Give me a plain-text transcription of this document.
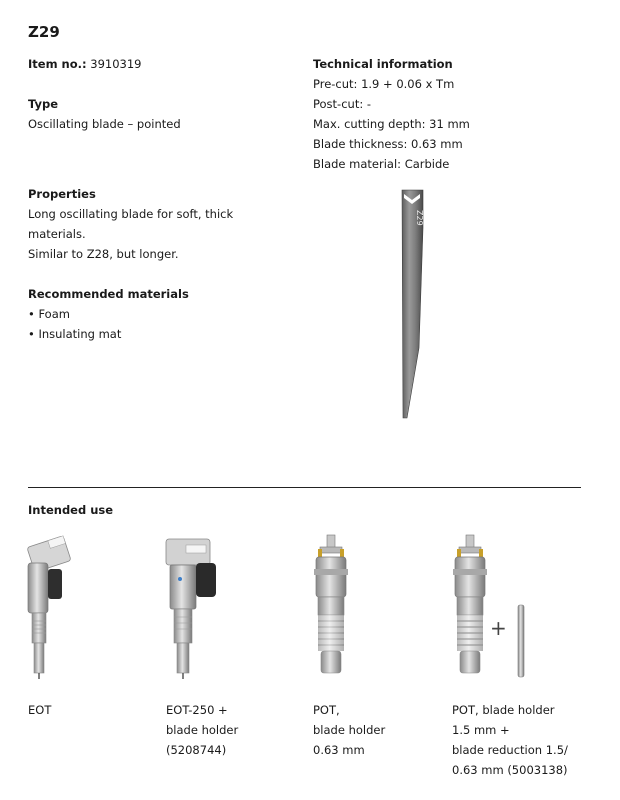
Z29
Item no.: 3910319
Type
Oscillating blade – pointed
Properties
Long oscillating blade for soft, thick
materials.
Similar to Z28, but longer.
Recommended materials
• Foam
• Insulating mat
Technical information
Pre-cut: 1.9 + 0.06 x Tm
Post-cut: -
Max. cutting depth: 31 mm
Blade thickness: 0.63 mm
Blade material: Carbide
Z29
Intended use
+
EOT	EOT-250 +
blade holder
(5208744)
POT,
blade holder
0.63 mm
POT, blade holder
1.5 mm +
blade reduction 1.5/
0.63 mm (5003138)
